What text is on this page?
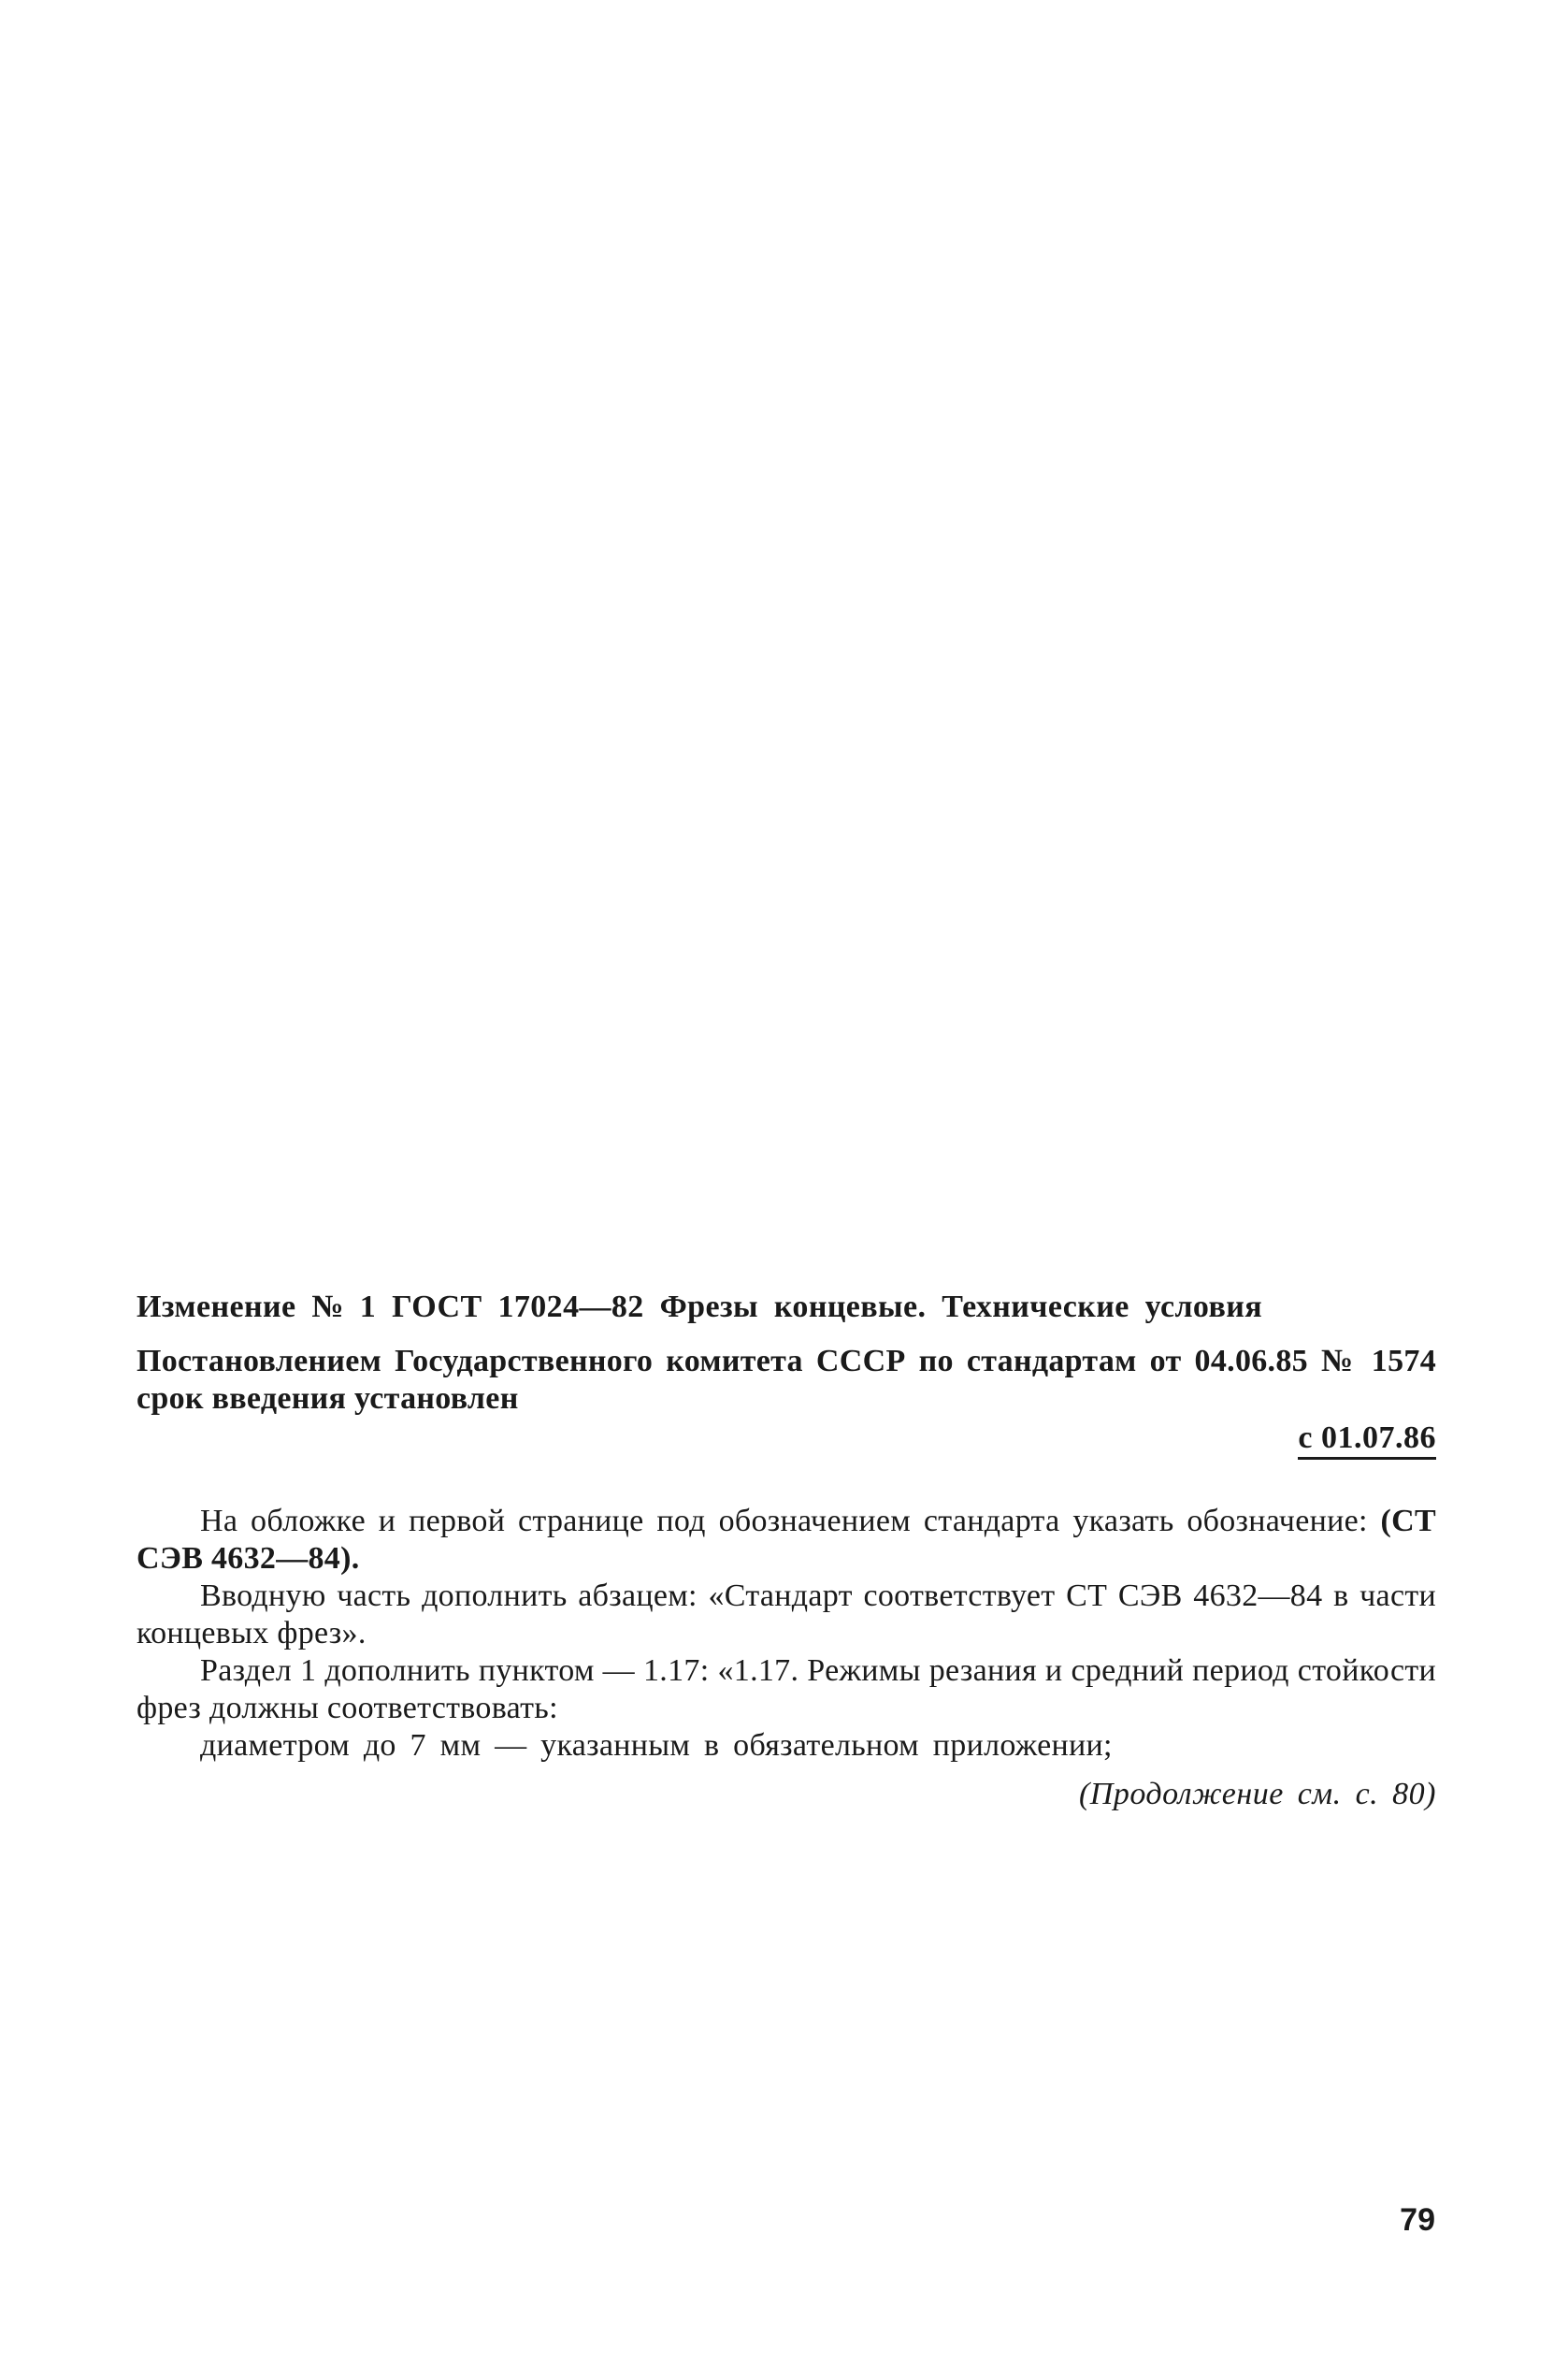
Изменение № 1 ГОСТ 17024—82 Фрезы концевые. Технические условия

Постановлением Государственного комитета СССР по стандартам от 04.06.85 № 1574 срок введения установлен

с 01.07.86

На обложке и первой странице под обозначением стандарта указать обозначение: (СТ СЭВ 4632—84).

Вводную часть дополнить абзацем: «Стандарт соответствует СТ СЭВ 4632—84 в части концевых фрез».

Раздел 1 дополнить пунктом — 1.17: «1.17. Режимы резания и средний период стойкости фрез должны соответствовать:

диаметром до 7 мм — указанным в обязательном приложении;

(Продолжение см. с. 80)
79
